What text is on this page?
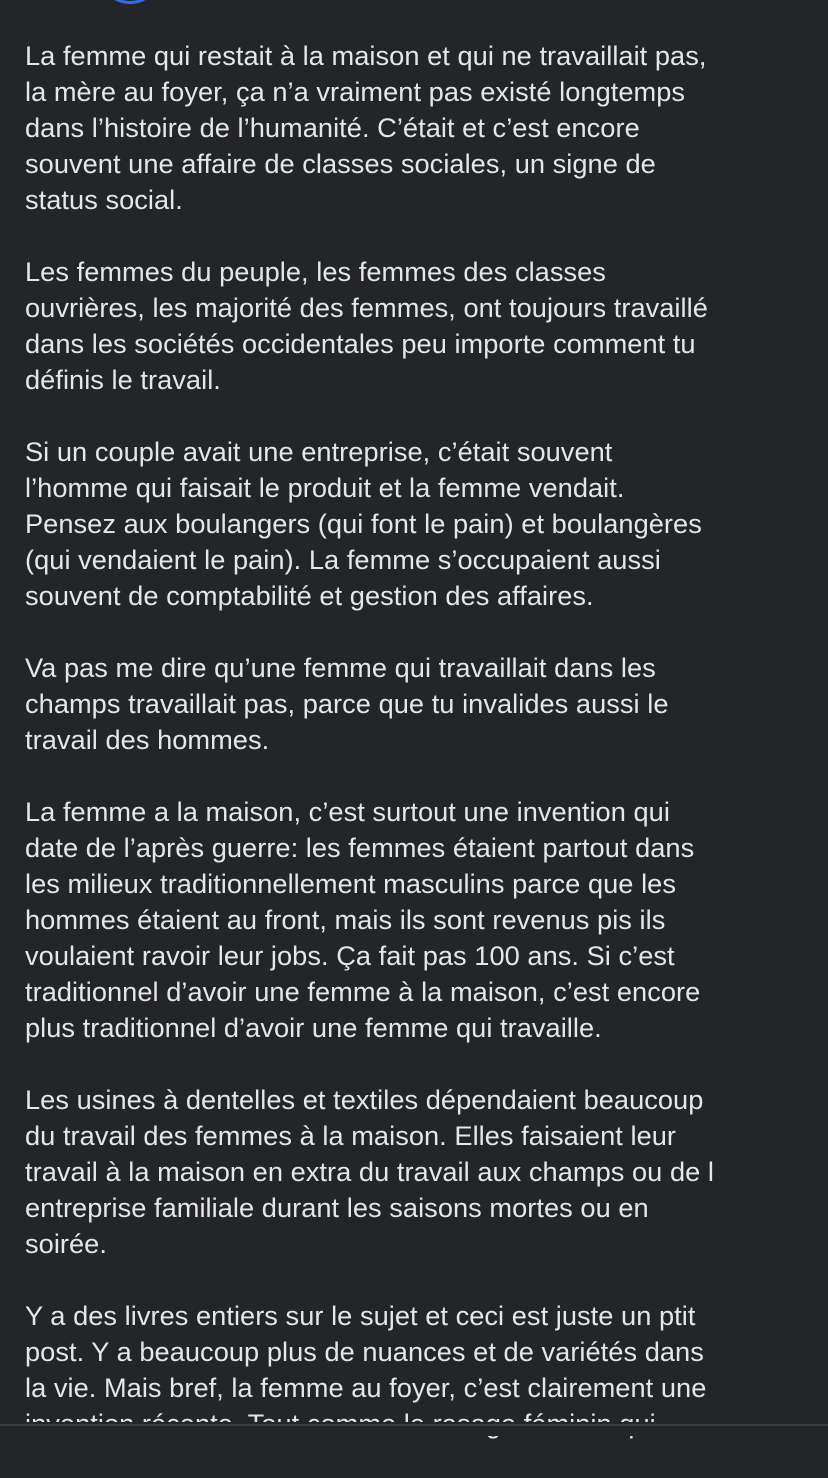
La femme qui restait à la maison et qui ne travaillait pas,
la mère au foyer, ça n’a vraiment pas existé longtemps
dans l’histoire de l’humanité. C’était et c’est encore
souvent une affaire de classes sociales, un signe de
status social.

Les femmes du peuple, les femmes des classes
ouvrières, les majorité des femmes, ont toujours travaillé
dans les sociétés occidentales peu importe comment tu
définis le travail.

Si un couple avait une entreprise, c’était souvent
l’homme qui faisait le produit et la femme vendait.
Pensez aux boulangers (qui font le pain) et boulangères
(qui vendaient le pain). La femme s’occupaient aussi
souvent de comptabilité et gestion des affaires.

Va pas me dire qu’une femme qui travaillait dans les
champs travaillait pas, parce que tu invalides aussi le
travail des hommes.

La femme a la maison, c’est surtout une invention qui
date de l’après guerre: les femmes étaient partout dans
les milieux traditionnellement masculins parce que les
hommes étaient au front, mais ils sont revenus pis ils
voulaient ravoir leur jobs. Ça fait pas 100 ans. Si c’est
traditionnel d’avoir une femme à la maison, c’est encore
plus traditionnel d’avoir une femme qui travaille.

Les usines à dentelles et textiles dépendaient beaucoup
du travail des femmes à la maison. Elles faisaient leur
travail à la maison en extra du travail aux champs ou de l
entreprise familiale durant les saisons mortes ou en
soirée.

Y a des livres entiers sur le sujet et ceci est juste un ptit
post. Y a beaucoup plus de nuances et de variétés dans
la vie. Mais bref, la femme au foyer, c’est clairement une
